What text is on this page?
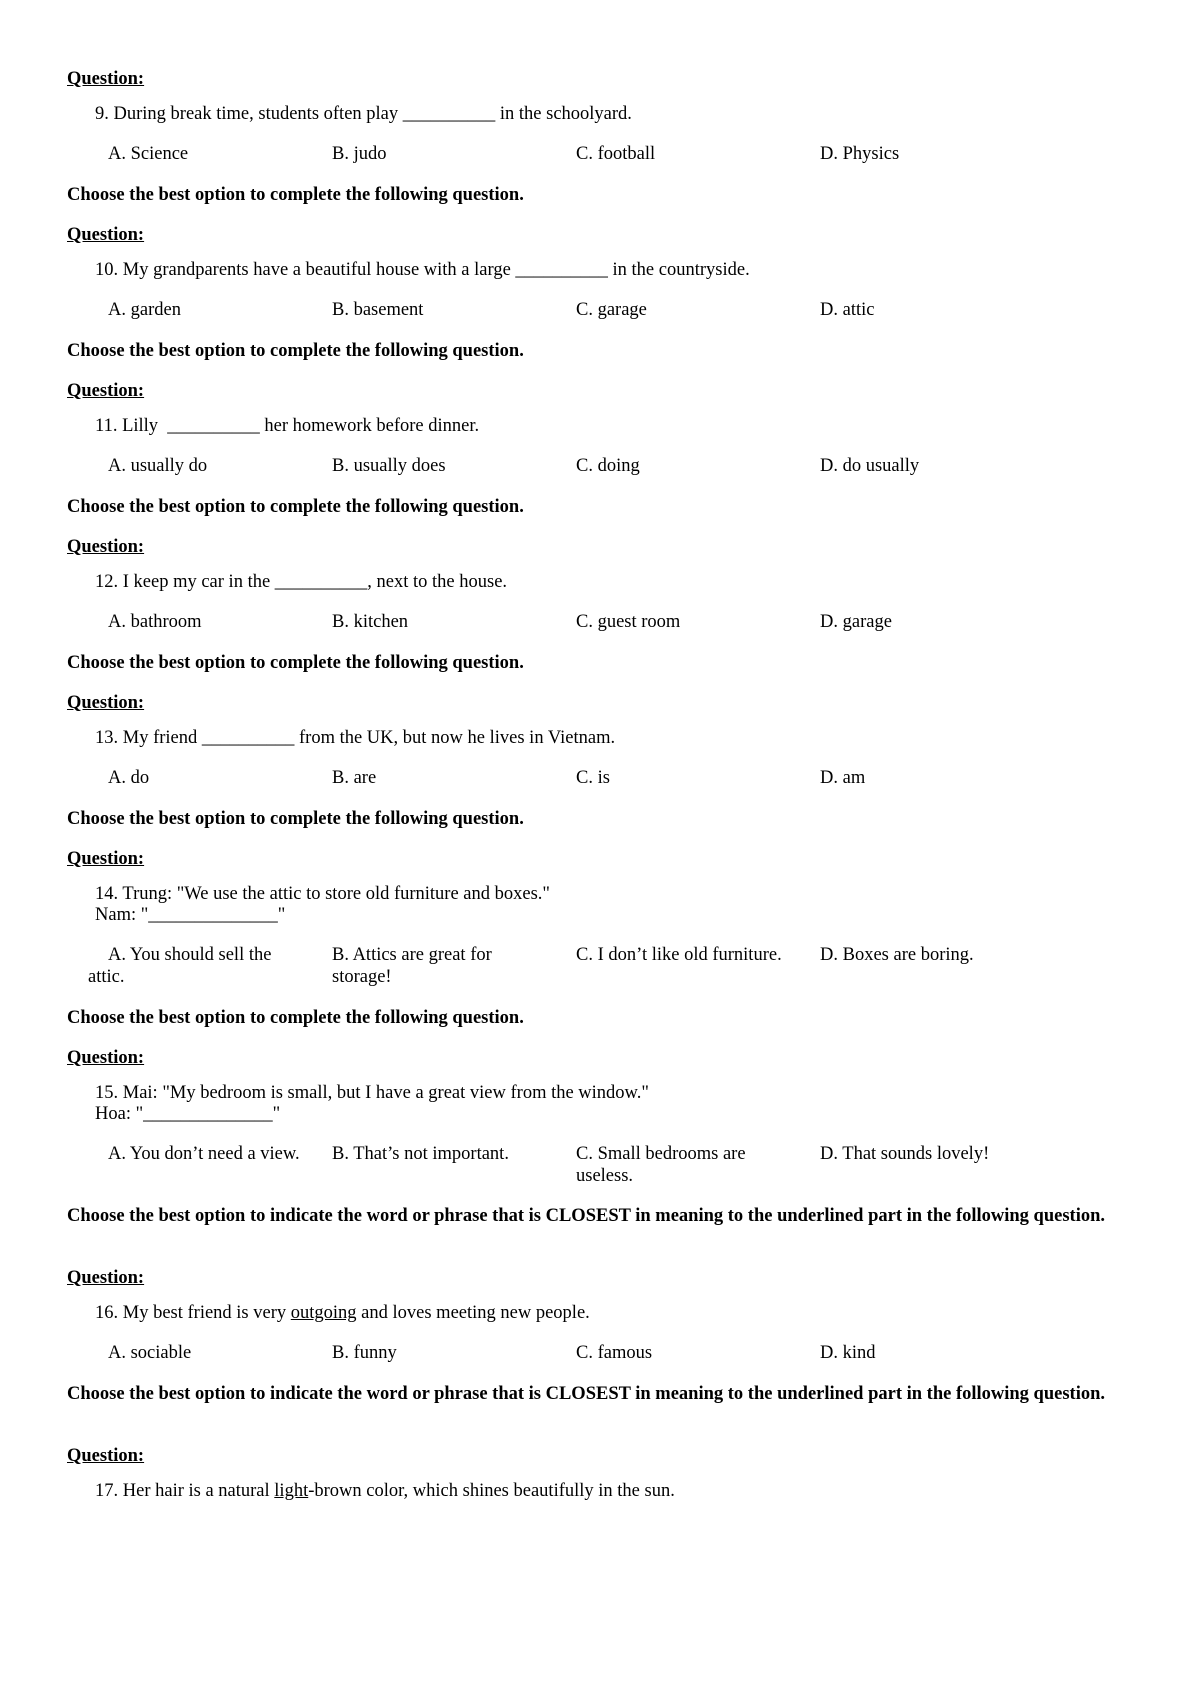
Question:
9. During break time, students often play __________ in the schoolyard.
A. Science	B. judo	C. football	D. Physics
Choose the best option to complete the following question.
Question:
10. My grandparents have a beautiful house with a large __________ in the countryside.
A. garden	B. basement	C. garage	D. attic
Choose the best option to complete the following question.
Question:
11. Lilly  __________ her homework before dinner.
A. usually do	B. usually does	C. doing	D. do usually
Choose the best option to complete the following question.
Question:
12. I keep my car in the __________, next to the house.
A. bathroom	B. kitchen	C. guest room	D. garage
Choose the best option to complete the following question.
Question:
13. My friend __________ from the UK, but now he lives in Vietnam.
A. do	B. are	C. is	D. am
Choose the best option to complete the following question.
Question:
14. Trung: "We use the attic to store old furniture and boxes."
Nam: "______________"
A. You should sell the
attic.
B. Attics are great for
storage!
C. I don’t like old furniture. D. Boxes are boring.
Choose the best option to complete the following question.
Question:
15. Mai: "My bedroom is small, but I have a great view from the window."
Hoa: "______________"
A. You don’t need a view. B. That’s not important.	C. Small bedrooms are
useless.
D. That sounds lovely!
Choose the best option to indicate the word or phrase that is CLOSEST in meaning to the underlined part in the following question.
Question:
16. My best friend is very outgoing and loves meeting new people.
A. sociable	B. funny	C. famous	D. kind
Choose the best option to indicate the word or phrase that is CLOSEST in meaning to the underlined part in the following question.
Question:
17. Her hair is a natural light-brown color, which shines beautifully in the sun.
